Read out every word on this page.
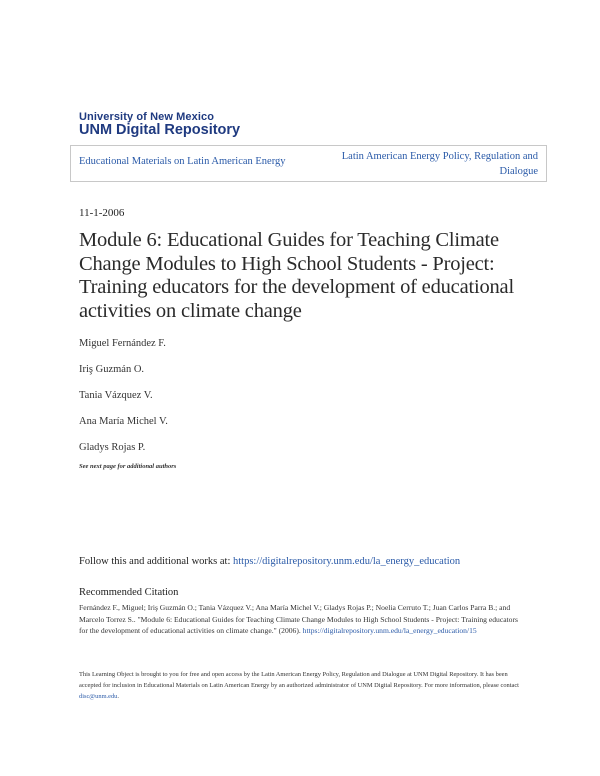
University of New Mexico
UNM Digital Repository
Educational Materials on Latin American Energy	Latin American Energy Policy, Regulation and Dialogue
11-1-2006
Module 6: Educational Guides for Teaching Climate Change Modules to High School Students - Project: Training educators for the development of educational activities on climate change
Miguel Fernández F.
Iriş Guzmán O.
Tania Vázquez V.
Ana María Michel V.
Gladys Rojas P.
See next page for additional authors
Follow this and additional works at: https://digitalrepository.unm.edu/la_energy_education
Recommended Citation
Fernández F., Miguel; Iriş Guzmán O.; Tania Vázquez V.; Ana María Michel V.; Gladys Rojas P.; Noelia Cerruto T.; Juan Carlos Parra B.; and Marcelo Torrez S.. "Module 6: Educational Guides for Teaching Climate Change Modules to High School Students - Project: Training educators for the development of educational activities on climate change." (2006). https://digitalrepository.unm.edu/la_energy_education/15
This Learning Object is brought to you for free and open access by the Latin American Energy Policy, Regulation and Dialogue at UNM Digital Repository. It has been accepted for inclusion in Educational Materials on Latin American Energy by an authorized administrator of UNM Digital Repository. For more information, please contact disc@unm.edu.
